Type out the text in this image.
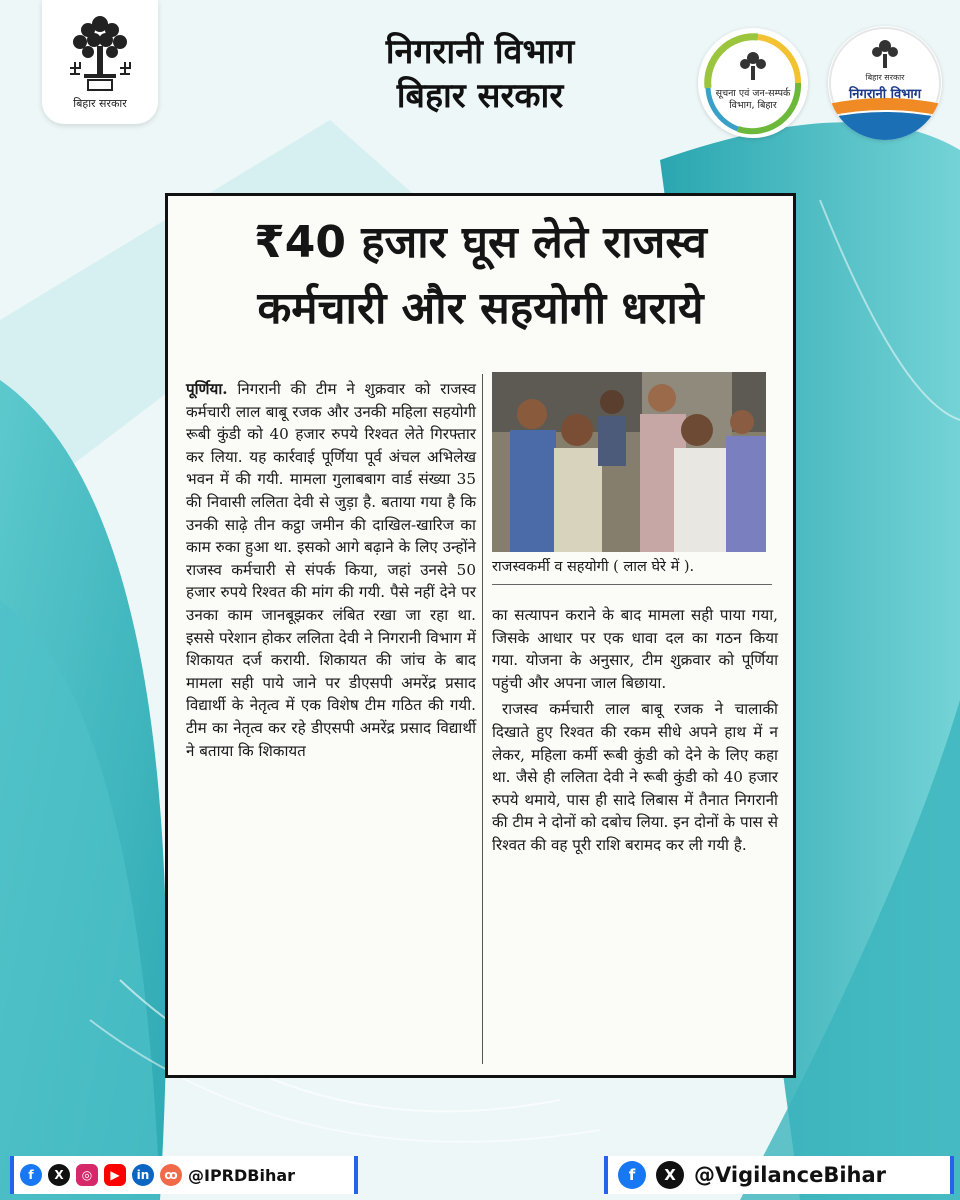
बिहार सरकार
निगरानी विभाग
बिहार सरकार	सूचना एवं जन-सम्पर्क विभाग, बिहार
बिहार सरकार
निगरानी विभाग
₹40 हजार घूस लेते राजस्व
कर्मचारी और सहयोगी धराये

पूर्णिया. निगरानी की टीम ने शुक्रवार को राजस्व कर्मचारी लाल बाबू रजक और उनकी महिला सहयोगी रूबी कुंडी को 40 हजार रुपये रिश्वत लेते गिरफ्तार कर लिया. यह कार्रवाई पूर्णिया पूर्व अंचल अभिलेख भवन में की गयी. मामला गुलाबबाग वार्ड संख्या 35 की निवासी ललिता देवी से जुड़ा है. बताया गया है कि उनकी साढ़े तीन कट्ठा जमीन की दाखिल-खारिज का काम रुका हुआ था. इसको आगे बढ़ाने के लिए उन्होंने राजस्व कर्मचारी से संपर्क किया, जहां उनसे 50 हजार रुपये रिश्वत की मांग की गयी. पैसे नहीं देने पर उनका काम जानबूझकर लंबित रखा जा रहा था. इससे परेशान होकर ललिता देवी ने निगरानी विभाग में शिकायत दर्ज करायी. शिकायत की जांच के बाद मामला सही पाये जाने पर डीएसपी अमरेंद्र प्रसाद विद्यार्थी के नेतृत्व में एक विशेष टीम गठित की गयी. टीम का नेतृत्व कर रहे डीएसपी अमरेंद्र प्रसाद विद्यार्थी ने बताया कि शिकायत

राजस्वकर्मी व सहयोगी ( लाल घेरे में ).

का सत्यापन कराने के बाद मामला सही पाया गया, जिसके आधार पर एक धावा दल का गठन किया गया. योजना के अनुसार, टीम शुक्रवार को पूर्णिया पहुंची और अपना जाल बिछाया.

राजस्व कर्मचारी लाल बाबू रजक ने चालाकी दिखाते हुए रिश्वत की रकम सीधे अपने हाथ में न लेकर, महिला कर्मी रूबी कुंडी को देने के लिए कहा था. जैसे ही ललिता देवी ने रूबी कुंडी को 40 हजार रुपये थमाये, पास ही सादे लिबास में तैनात निगरानी की टीम ने दोनों को दबोच लिया. इन दोनों के पास से रिश्वत की वह पूरी राशि बरामद कर ली गयी है.

f	X	◎	▶	in	ꝏ @IPRDBihar	f	X @VigilanceBihar
